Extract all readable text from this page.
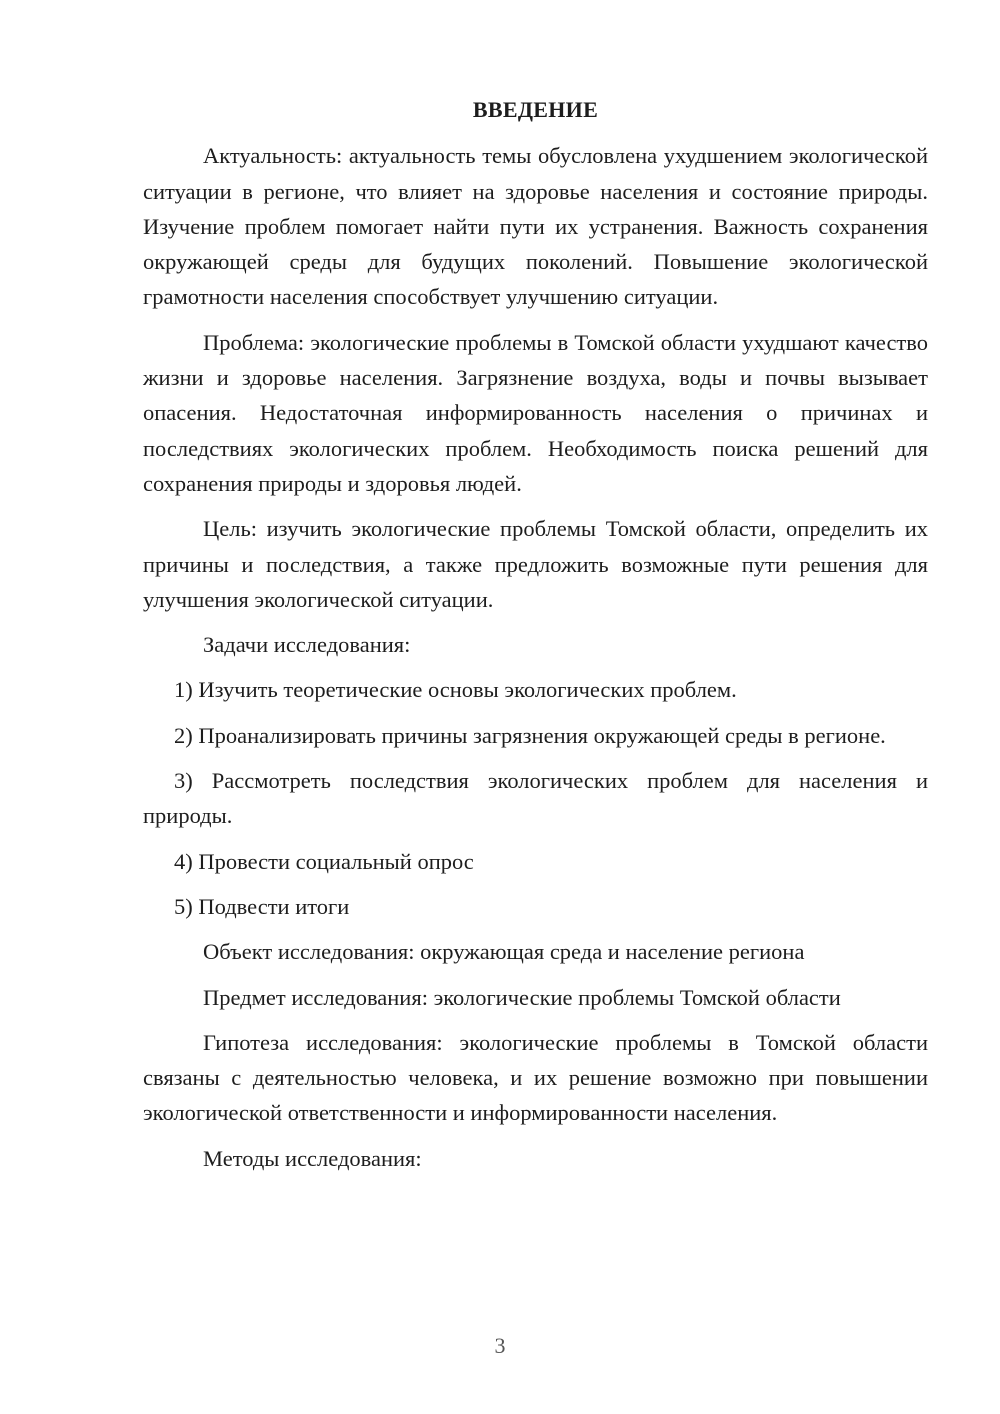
ВВЕДЕНИЕ

Актуальность: актуальность темы обусловлена ухудшением экологической ситуации в регионе, что влияет на здоровье населения и состояние природы. Изучение проблем помогает найти пути их устранения. Важность сохранения окружающей среды для будущих поколений. Повышение экологической грамотности населения способствует улучшению ситуации.

Проблема: экологические проблемы в Томской области ухудшают качество жизни и здоровье населения. Загрязнение воздуха, воды и почвы вызывает опасения. Недостаточная информированность населения о причинах и последствиях экологических проблем. Необходимость поиска решений для сохранения природы и здоровья людей.

Цель: изучить экологические проблемы Томской области, определить их причины и последствия, а также предложить возможные пути решения для улучшения экологической ситуации.

Задачи исследования:

1) Изучить теоретические основы экологических проблем.

2) Проанализировать причины загрязнения окружающей среды в регионе.

3) Рассмотреть последствия экологических проблем для населения и природы.

4) Провести социальный опрос

5) Подвести итоги

Объект исследования: окружающая среда и население региона

Предмет исследования: экологические проблемы Томской области

Гипотеза исследования: экологические проблемы в Томской области связаны с деятельностью человека, и их решение возможно при повышении экологической ответственности и информированности населения.

Методы исследования:

3
